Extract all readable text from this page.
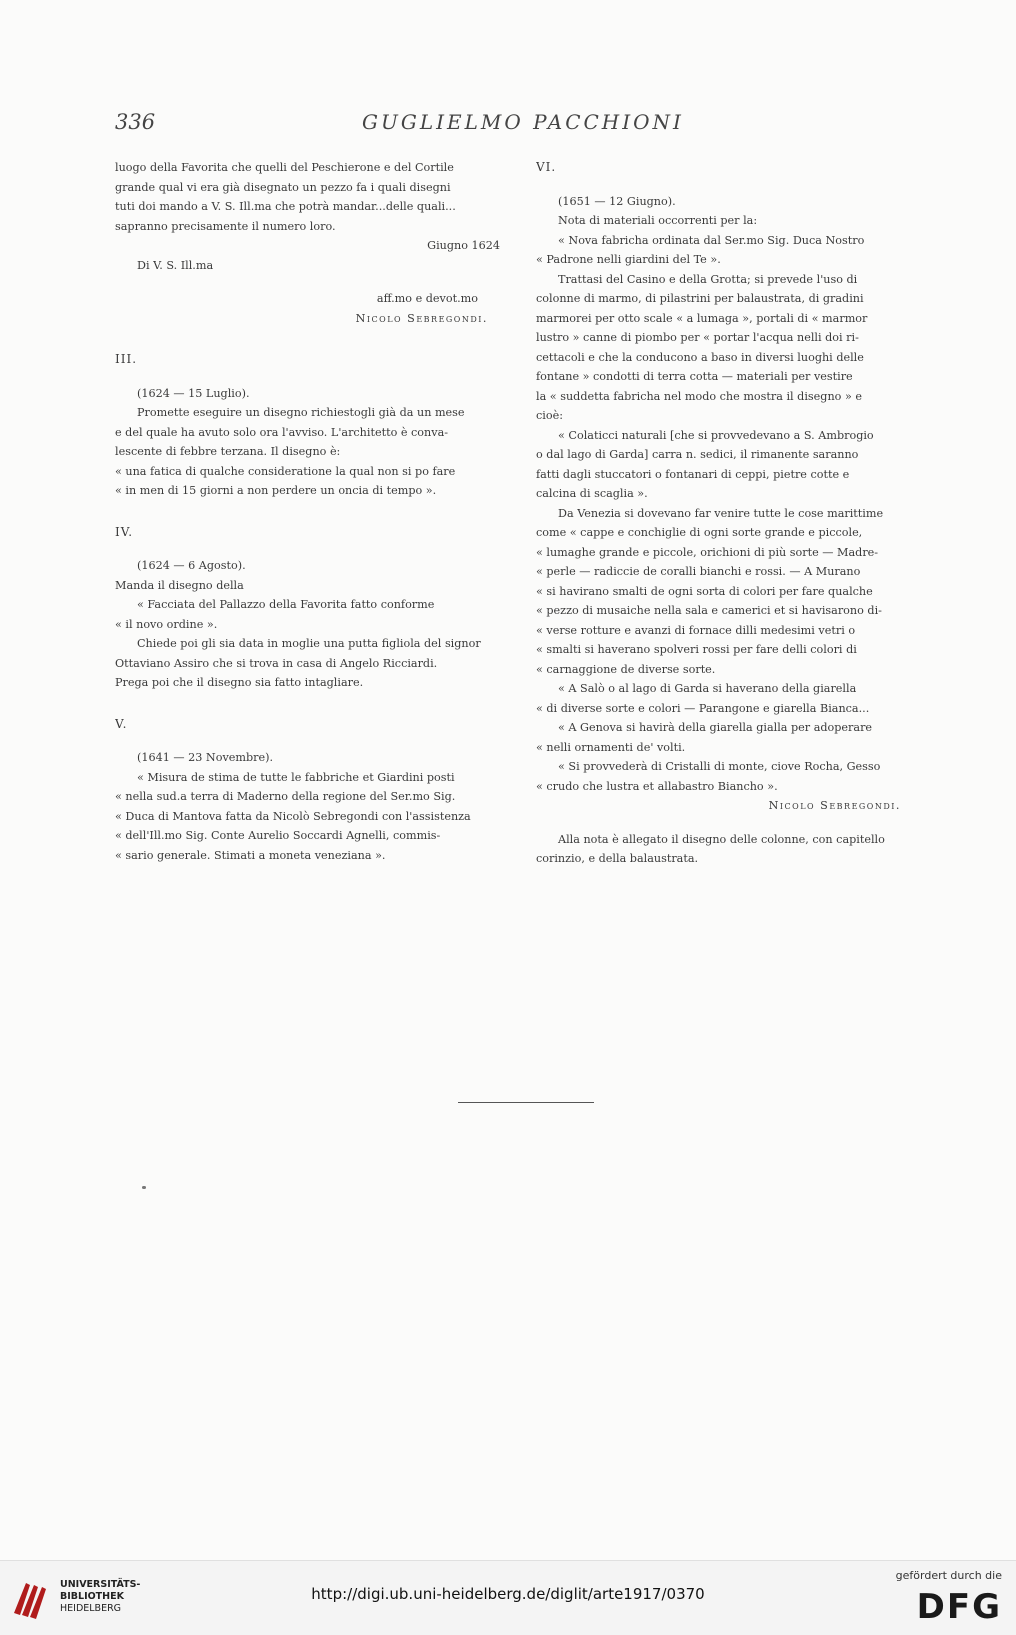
336	GUGLIELMO PACCHIONI

luogo della Favorita che quelli del Peschierone e del Cortile

grande qual vi era già disegnato un pezzo fa i quali disegni

tuti doi mando a V. S. Ill.ma che potrà mandar...delle quali...

sapranno precisamente il numero loro.

Giugno 1624

Di V. S. Ill.ma

aff.mo e devot.mo

Nicolo Sebregondi.

III.

(1624 — 15 Luglio).

Promette eseguire un disegno richiestogli già da un mese

e del quale ha avuto solo ora l'avviso. L'architetto è conva-

lescente di febbre terzana. Il disegno è:

« una fatica di qualche consideratione la qual non si po fare

« in men di 15 giorni a non perdere un oncia di tempo ».

IV.

(1624 — 6 Agosto).

Manda il disegno della

« Facciata del Pallazzo della Favorita fatto conforme

« il novo ordine ».

Chiede poi gli sia data in moglie una putta figliola del signor

Ottaviano Assiro che si trova in casa di Angelo Ricciardi.

Prega poi che il disegno sia fatto intagliare.

V.

(1641 — 23 Novembre).

« Misura de stima de tutte le fabbriche et Giardini posti

« nella sud.a terra di Maderno della regione del Ser.mo Sig.

« Duca di Mantova fatta da Nicolò Sebregondi con l'assistenza

« dell'Ill.mo Sig. Conte Aurelio Soccardi Agnelli, commis-

« sario generale. Stimati a moneta veneziana ».

VI.

(1651 — 12 Giugno).

Nota di materiali occorrenti per la:

« Nova fabricha ordinata dal Ser.mo Sig. Duca Nostro

« Padrone nelli giardini del Te ».

Trattasi del Casino e della Grotta; si prevede l'uso di

colonne di marmo, di pilastrini per balaustrata, di gradini

marmorei per otto scale « a lumaga », portali di « marmor

lustro » canne di piombo per « portar l'acqua nelli doi ri-

cettacoli e che la conducono a baso in diversi luoghi delle

fontane » condotti di terra cotta — materiali per vestire

la « suddetta fabricha nel modo che mostra il disegno » e

cioè:

« Colaticci naturali [che si provvedevano a S. Ambrogio

o dal lago di Garda] carra n. sedici, il rimanente saranno

fatti dagli stuccatori o fontanari di ceppi, pietre cotte e

calcina di scaglia ».

Da Venezia si dovevano far venire tutte le cose marittime

come « cappe e conchiglie di ogni sorte grande e piccole,

« lumaghe grande e piccole, orichioni di più sorte — Madre-

« perle — radiccie de coralli bianchi e rossi. — A Murano

« si havirano smalti de ogni sorta di colori per fare qualche

« pezzo di musaiche nella sala e camerici et si havisarono di-

« verse rotture e avanzi di fornace dilli medesimi vetri o

« smalti si haverano spolveri rossi per fare delli colori di

« carnaggione de diverse sorte.

« A Salò o al lago di Garda si haverano della giarella

« di diverse sorte e colori — Parangone e giarella Bianca...

« A Genova si havirà della giarella gialla per adoperare

« nelli ornamenti de' volti.

« Si provvederà di Cristalli di monte, ciove Rocha, Gesso

« crudo che lustra et allabastro Biancho ».

Nicolo Sebregondi.

Alla nota è allegato il disegno delle colonne, con capitello

corinzio, e della balaustrata.

UNIVERSITÄTS-
BIBLIOTHEK
HEIDELBERG
http://digi.ub.uni-heidelberg.de/diglit/arte1917/0370
gefördert durch die
DFG
